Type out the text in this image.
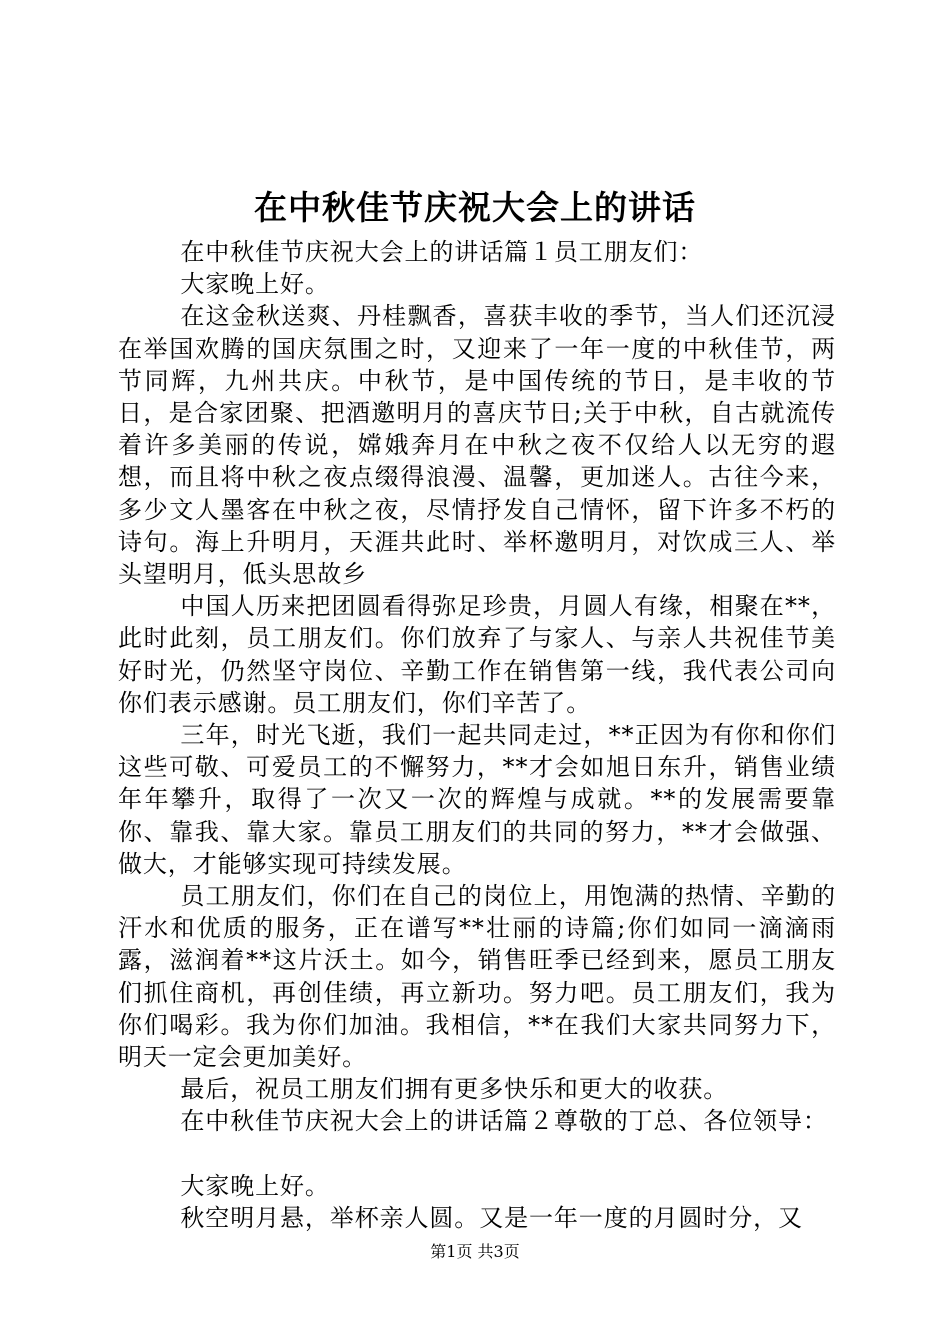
在中秋佳节庆祝大会上的讲话

在中秋佳节庆祝大会上的讲话篇１员工朋友们：

大家晚上好。

在这金秋送爽、丹桂飘香，喜获丰收的季节，当人们还沉浸在举国欢腾的国庆氛围之时，又迎来了一年一度的中秋佳节，两节同辉，九州共庆。中秋节，是中国传统的节日，是丰收的节日，是合家团聚、把酒邀明月的喜庆节日;关于中秋，自古就流传着许多美丽的传说，嫦娥奔月在中秋之夜不仅给人以无穷的遐想，而且将中秋之夜点缀得浪漫、温馨，更加迷人。古往今来，多少文人墨客在中秋之夜，尽情抒发自己情怀，留下许多不朽的诗句。海上升明月，天涯共此时、举杯邀明月，对饮成三人、举头望明月，低头思故乡

中国人历来把团圆看得弥足珍贵，月圆人有缘，相聚在**，此时此刻，员工朋友们。你们放弃了与家人、与亲人共祝佳节美好时光，仍然坚守岗位、辛勤工作在销售第一线，我代表公司向你们表示感谢。员工朋友们，你们辛苦了。

三年，时光飞逝，我们一起共同走过，**正因为有你和你们这些可敬、可爱员工的不懈努力，**才会如旭日东升，销售业绩年年攀升，取得了一次又一次的辉煌与成就。**的发展需要靠你、靠我、靠大家。靠员工朋友们的共同的努力，**才会做强、做大，才能够实现可持续发展。

员工朋友们，你们在自己的岗位上，用饱满的热情、辛勤的汗水和优质的服务，正在谱写**壮丽的诗篇;你们如同一滴滴雨露，滋润着**这片沃土。如今，销售旺季已经到来，愿员工朋友们抓住商机，再创佳绩，再立新功。努力吧。员工朋友们，我为你们喝彩。我为你们加油。我相信，**在我们大家共同努力下，明天一定会更加美好。

最后，祝员工朋友们拥有更多快乐和更大的收获。

在中秋佳节庆祝大会上的讲话篇２尊敬的丁总、各位领导：

大家晚上好。

秋空明月悬，举杯亲人圆。又是一年一度的月圆时分，又

第1页 共3页
